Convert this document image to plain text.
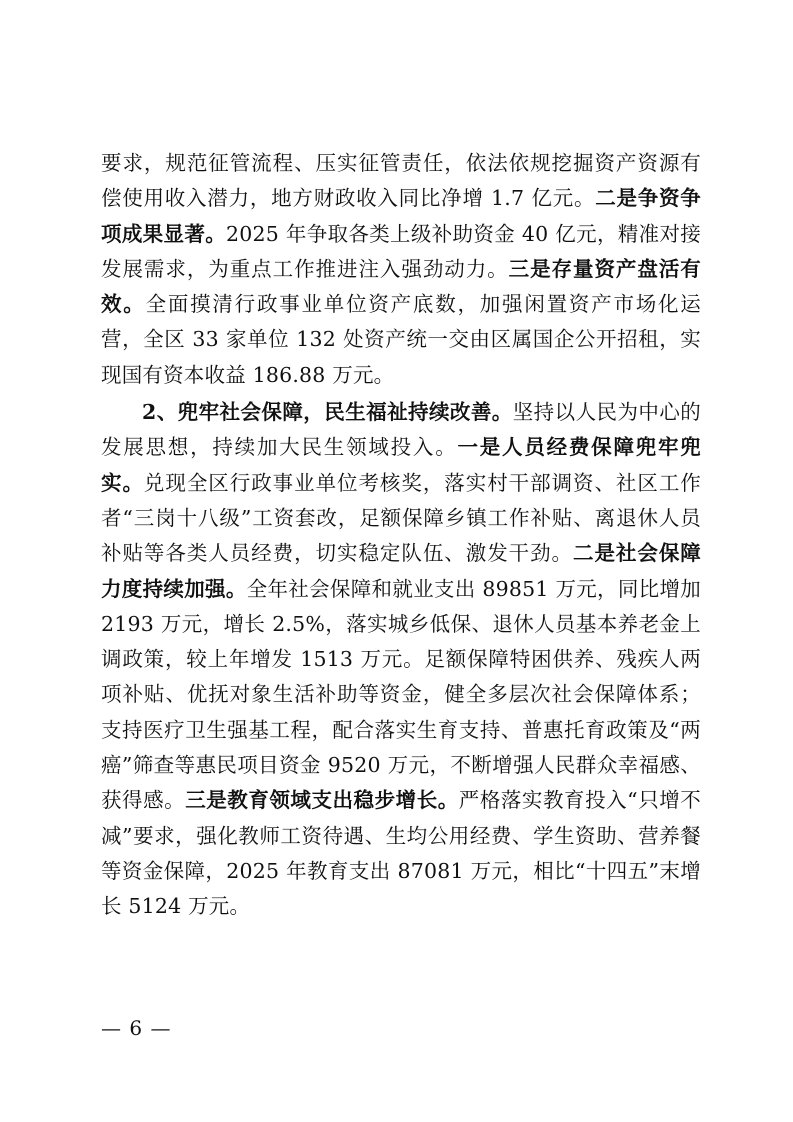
要求，规范征管流程、压实征管责任，依法依规挖掘资产资源有偿使用收入潜力，地方财政收入同比净增 1.7 亿元。二是争资争项成果显著。2025 年争取各类上级补助资金 40 亿元，精准对接发展需求，为重点工作推进注入强劲动力。三是存量资产盘活有效。全面摸清行政事业单位资产底数，加强闲置资产市场化运营，全区 33 家单位 132 处资产统一交由区属国企公开招租，实现国有资本收益 186.88 万元。

2、兜牢社会保障，民生福祉持续改善。坚持以人民为中心的发展思想，持续加大民生领域投入。一是人员经费保障兜牢兜实。兑现全区行政事业单位考核奖，落实村干部调资、社区工作者“三岗十八级”工资套改，足额保障乡镇工作补贴、离退休人员补贴等各类人员经费，切实稳定队伍、激发干劲。二是社会保障力度持续加强。全年社会保障和就业支出 89851 万元，同比增加 2193 万元，增长 2.5%，落实城乡低保、退休人员基本养老金上调政策，较上年增发 1513 万元。足额保障特困供养、残疾人两项补贴、优抚对象生活补助等资金，健全多层次社会保障体系；支持医疗卫生强基工程，配合落实生育支持、普惠托育政策及“两癌”筛查等惠民项目资金 9520 万元，不断增强人民群众幸福感、获得感。三是教育领域支出稳步增长。严格落实教育投入“只增不减”要求，强化教师工资待遇、生均公用经费、学生资助、营养餐等资金保障，2025 年教育支出 87081 万元，相比“十四五”末增长 5124 万元。

— 6 —
